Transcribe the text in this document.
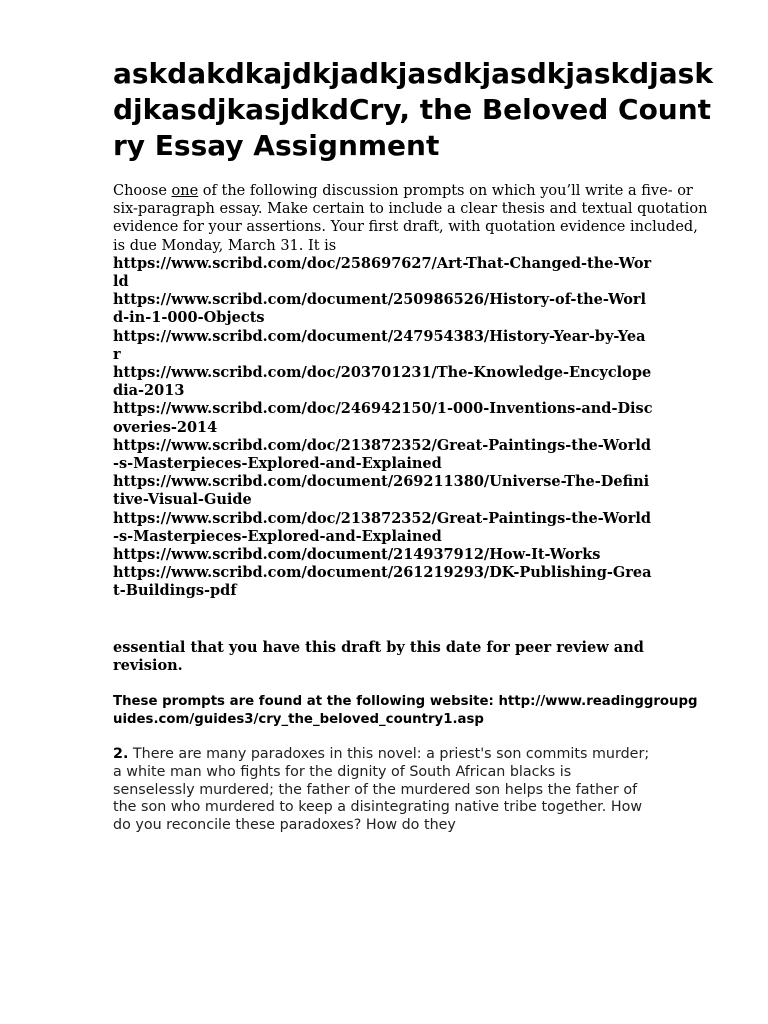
askdakdkajdkjadkjasdkjasdkjaskdjaskdjkasdjkasjdkdCry, the Beloved Country Essay Assignment

Choose one of the following discussion prompts on which you’ll write a five- or six-paragraph essay. Make certain to include a clear thesis and textual quotation evidence for your assertions. Your first draft, with quotation evidence included, is due Monday, March 31. It is

https://www.scribd.com/doc/258697627/Art-That-Changed-the-World
https://www.scribd.com/document/250986526/History-of-the-World-in-1-000-Objects
https://www.scribd.com/document/247954383/History-Year-by-Year
https://www.scribd.com/doc/203701231/The-Knowledge-Encyclopedia-2013
https://www.scribd.com/doc/246942150/1-000-Inventions-and-Discoveries-2014
https://www.scribd.com/doc/213872352/Great-Paintings-the-World-s-Masterpieces-Explored-and-Explained
https://www.scribd.com/document/269211380/Universe-The-Definitive-Visual-Guide
https://www.scribd.com/doc/213872352/Great-Paintings-the-World-s-Masterpieces-Explored-and-Explained
https://www.scribd.com/document/214937912/How-It-Works
https://www.scribd.com/document/261219293/DK-Publishing-Great-Buildings-pdf

essential that you have this draft by this date for peer review and revision.

These prompts are found at the following website: http://www.readinggroupguides.com/guides3/cry_the_beloved_country1.asp

2. There are many paradoxes in this novel: a priest's son commits murder; a white man who fights for the dignity of South African blacks is senselessly murdered; the father of the murdered son helps the father of the son who murdered to keep a disintegrating native tribe together. How do you reconcile these paradoxes? How do they
